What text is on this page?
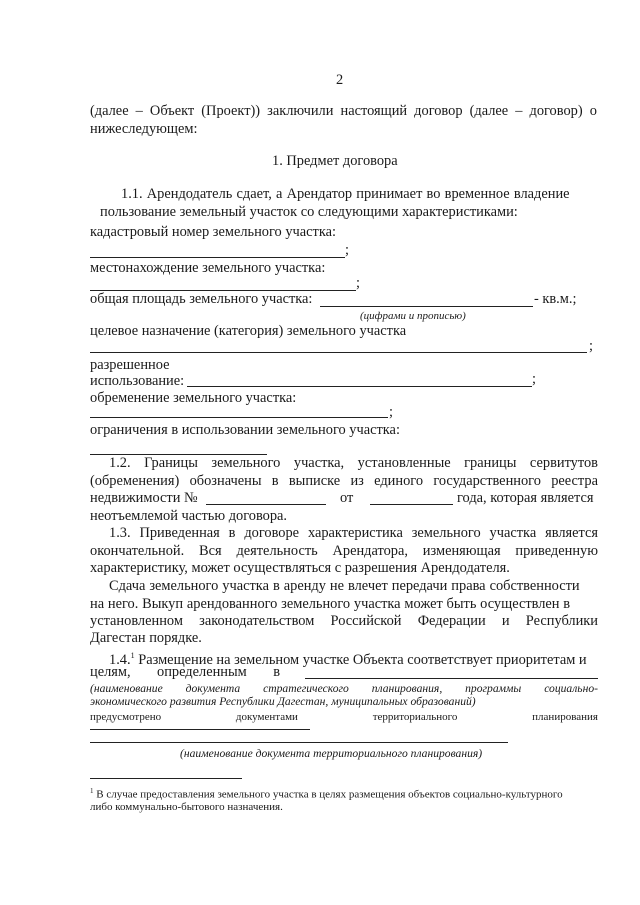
2
(далее – Объект (Проект)) заключили настоящий договор (далее – договор) о
нижеследующем:
1. Предмет договора
1.1. Арендодатель сдает, а Арендатор принимает во временное владение
пользование земельный участок со следующими характеристиками:
кадастровый номер земельного участка:
;
местонахождение земельного участка:
;
общая площадь земельного участка:	- кв.м.;
(цифрами и прописью)
целевое назначение (категория) земельного участка
;
разрешенное
использование:	;
обременение земельного участка:
;
ограничения в использовании земельного участка:
1.2. Границы земельного участка, установленные границы сервитутов
(обременения) обозначены в выписке из единого государственного реестра
недвижимости №	от	года, которая является
неотъемлемой частью договора.
1.3. Приведенная в договоре характеристика земельного участка является
окончательной. Вся деятельность Арендатора, изменяющая приведенную
характеристику, может осуществляться с разрешения Арендодателя.
Сдача земельного участка в аренду не влечет передачи права собственности
на него. Выкуп арендованного земельного участка может быть осуществлен в
установленном законодательством Российской Федерации и Республики
Дагестан порядке.
1.4.$^1$ Размещение на земельном участке Объекта соответствует приоритетам и
целям, определенным в
(наименование документа стратегического планирования, программы социально-
экономического развития Республики Дагестан, муниципальных образований)
предусмотрено	документами	территориального	планирования
(наименование документа территориального планирования)
$^1$ В случае предоставления земельного участка в целях размещения объектов социально-культурного
либо коммунально-бытового назначения.
